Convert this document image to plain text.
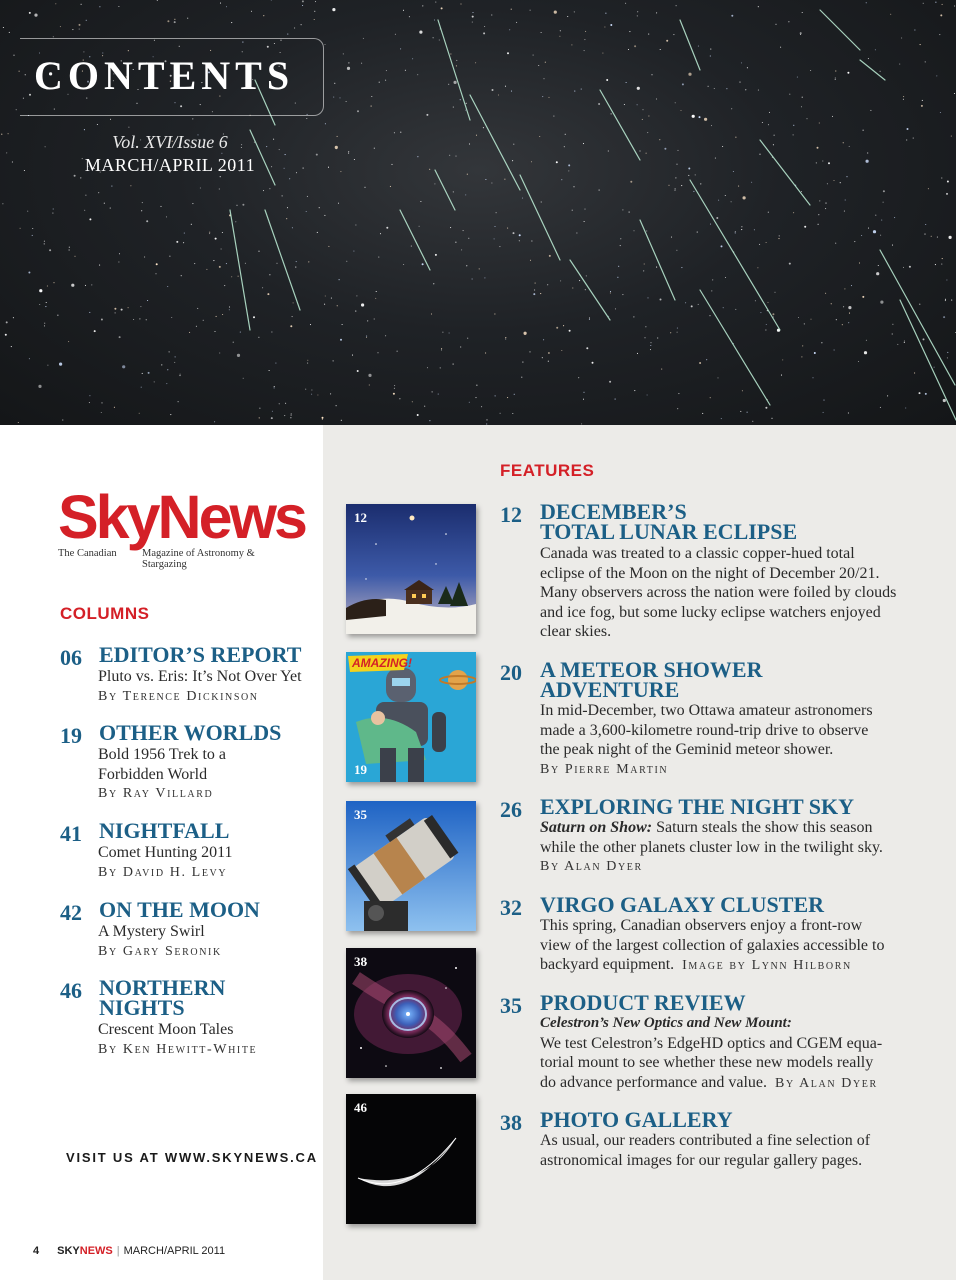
CONTENTS
Vol. XVI/Issue 6
MARCH/APRIL 2011
SkyNews
The Canadian Magazine of Astronomy & Stargazing
COLUMNS
06 EDITOR’S REPORT
Pluto vs. Eris: It’s Not Over Yet
By Terence Dickinson
19 OTHER WORLDS
Bold 1956 Trek to a
Forbidden World
By Ray Villard
41 NIGHTFALL
Comet Hunting 2011
By David H. Levy
42 ON THE MOON
A Mystery Swirl
By Gary Seronik
46 NORTHERN
NIGHTS
Crescent Moon Tales
By Ken Hewitt-White
VISIT US AT WWW.SKYNEWS.CA
4 SKYNEWS | MARCH/APRIL 2011
12
AMAZING!
19
35
38
46
FEATURES
12 DECEMBER’S
TOTAL LUNAR ECLIPSE
Canada was treated to a classic copper-hued total
eclipse of the Moon on the night of December 20/21.
Many observers across the nation were foiled by clouds
and ice fog, but some lucky eclipse watchers enjoyed
clear skies.
20 A METEOR SHOWER
ADVENTURE
In mid-December, two Ottawa amateur astronomers
made a 3,600-kilometre round-trip drive to observe
the peak night of the Geminid meteor shower.
By Pierre Martin
26 EXPLORING THE NIGHT SKY
Saturn on Show: Saturn steals the show this season
while the other planets cluster low in the twilight sky.
By Alan Dyer
32 VIRGO GALAXY CLUSTER
This spring, Canadian observers enjoy a front-row
view of the largest collection of galaxies accessible to
backyard equipment. Image by Lynn Hilborn
35 PRODUCT REVIEW
Celestron’s New Optics and New Mount:
We test Celestron’s EdgeHD optics and CGEM equa-
torial mount to see whether these new models really
do advance performance and value. By Alan Dyer
38 PHOTO GALLERY
As usual, our readers contributed a fine selection of
astronomical images for our regular gallery pages.
